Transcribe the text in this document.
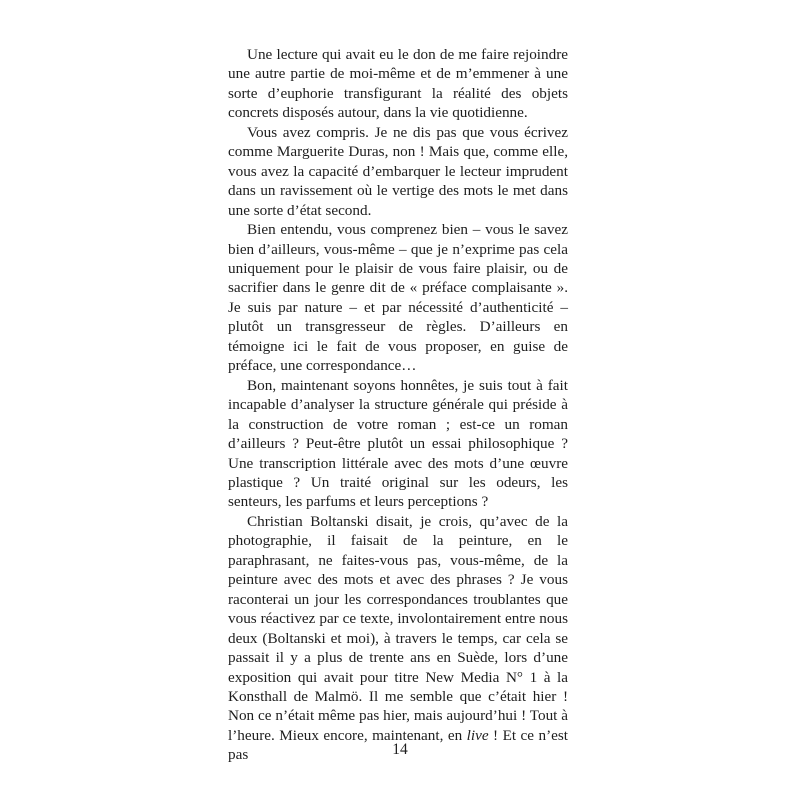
Une lecture qui avait eu le don de me faire rejoindre une autre partie de moi-même et de m’emmener à une sorte d’euphorie transfigurant la réalité des objets concrets disposés autour, dans la vie quotidienne.

Vous avez compris. Je ne dis pas que vous écrivez comme Marguerite Duras, non ! Mais que, comme elle, vous avez la capacité d’embarquer le lecteur imprudent dans un ravissement où le vertige des mots le met dans une sorte d’état second.

Bien entendu, vous comprenez bien – vous le savez bien d’ailleurs, vous-même – que je n’exprime pas cela uniquement pour le plaisir de vous faire plaisir, ou de sacrifier dans le genre dit de « préface complaisante ». Je suis par nature – et par nécessité d’authenticité – plutôt un transgresseur de règles. D’ailleurs en témoigne ici le fait de vous proposer, en guise de préface, une correspondance…

Bon, maintenant soyons honnêtes, je suis tout à fait incapable d’analyser la structure générale qui préside à la construction de votre roman ; est-ce un roman d’ailleurs ? Peut-être plutôt un essai philosophique ? Une transcription littérale avec des mots d’une œuvre plastique ? Un traité original sur les odeurs, les senteurs, les parfums et leurs perceptions ?

Christian Boltanski disait, je crois, qu’avec de la photographie, il faisait de la peinture, en le paraphrasant, ne faites-vous pas, vous-même, de la peinture avec des mots et avec des phrases ? Je vous raconterai un jour les correspondances troublantes que vous réactivez par ce texte, involontairement entre nous deux (Boltanski et moi), à travers le temps, car cela se passait il y a plus de trente ans en Suède, lors d’une exposition qui avait pour titre New Media N° 1 à la Konsthall de Malmö. Il me semble que c’était hier ! Non ce n’était même pas hier, mais aujourd’hui ! Tout à l’heure. Mieux encore, maintenant, en live ! Et ce n’est pas	14
